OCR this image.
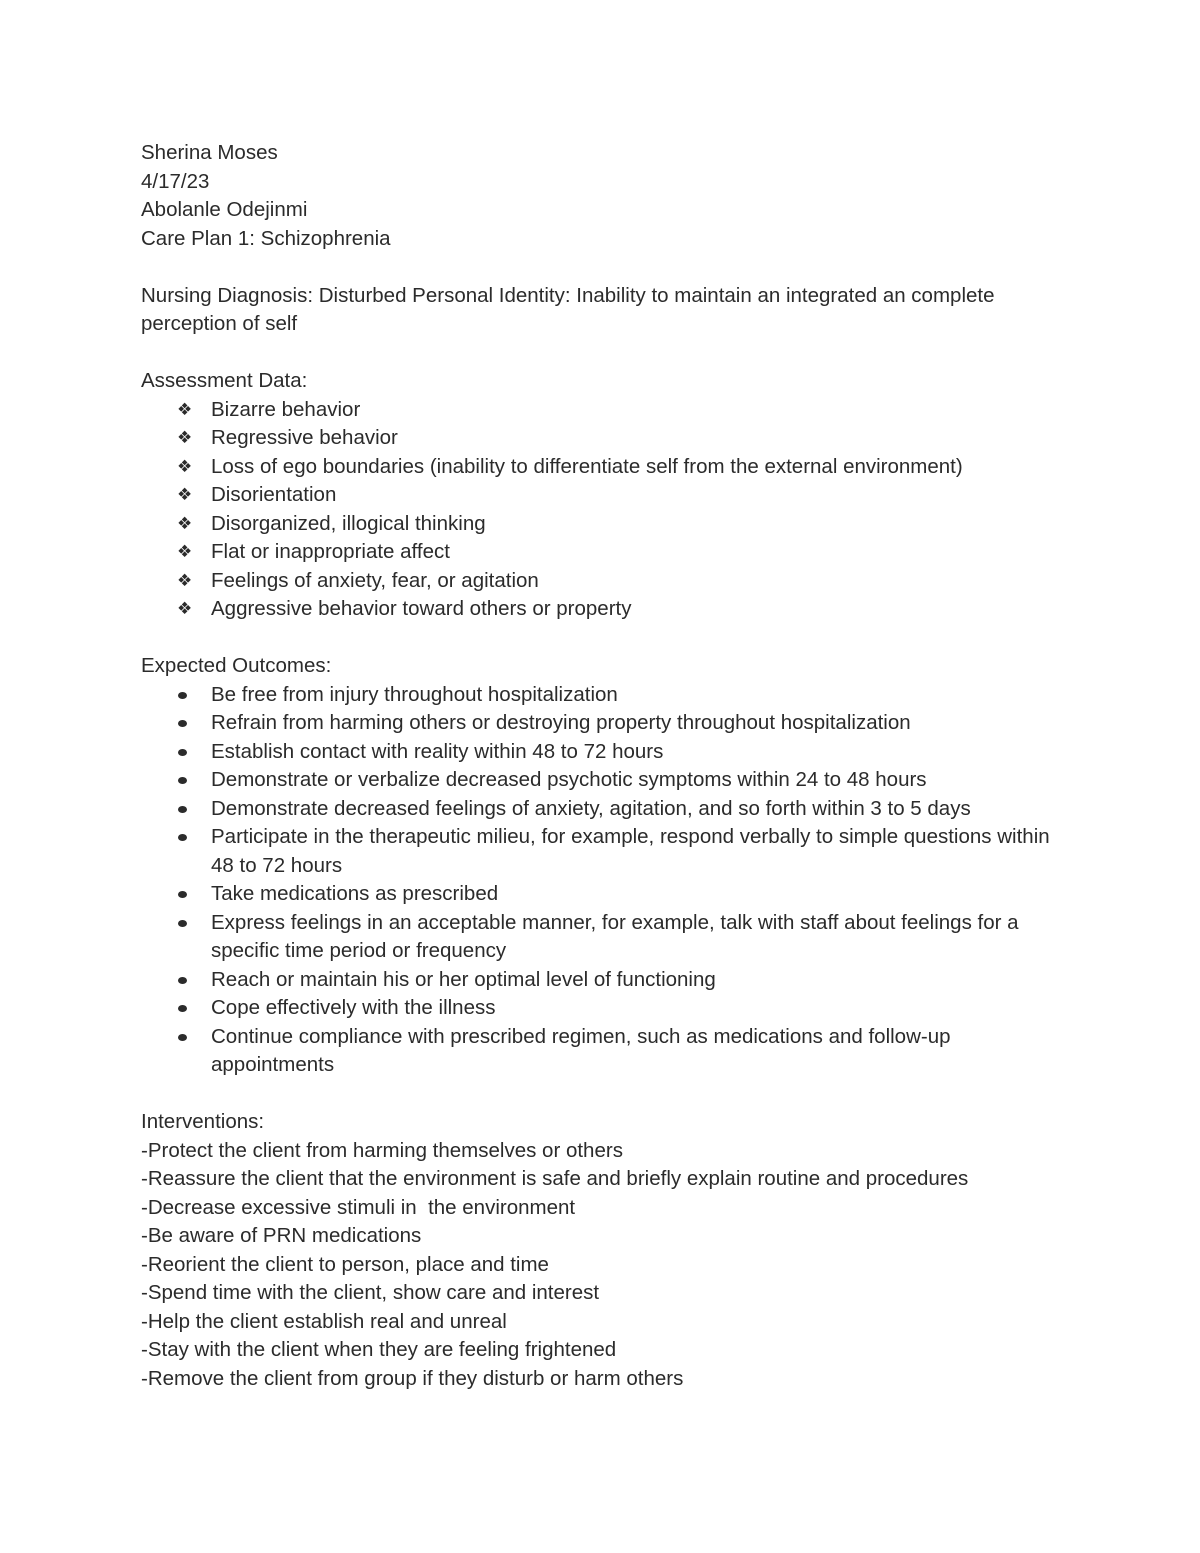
Sherina Moses
4/17/23
Abolanle Odejinmi
Care Plan 1: Schizophrenia
Nursing Diagnosis: Disturbed Personal Identity: Inability to maintain an integrated an complete perception of self
Assessment Data:
❖ Bizarre behavior
❖ Regressive behavior
❖ Loss of ego boundaries (inability to differentiate self from the external environment)
❖ Disorientation
❖ Disorganized, illogical thinking
❖ Flat or inappropriate affect
❖ Feelings of anxiety, fear, or agitation
❖ Aggressive behavior toward others or property
Expected Outcomes:
Be free from injury throughout hospitalization
Refrain from harming others or destroying property throughout hospitalization
Establish contact with reality within 48 to 72 hours
Demonstrate or verbalize decreased psychotic symptoms within 24 to 48 hours
Demonstrate decreased feelings of anxiety, agitation, and so forth within 3 to 5 days
Participate in the therapeutic milieu, for example, respond verbally to simple questions within 48 to 72 hours
Take medications as prescribed
Express feelings in an acceptable manner, for example, talk with staff about feelings for a specific time period or frequency
Reach or maintain his or her optimal level of functioning
Cope effectively with the illness
Continue compliance with prescribed regimen, such as medications and follow-up appointments
Interventions:
-Protect the client from harming themselves or others
-Reassure the client that the environment is safe and briefly explain routine and procedures
-Decrease excessive stimuli in  the environment
-Be aware of PRN medications
-Reorient the client to person, place and time
-Spend time with the client, show care and interest
-Help the client establish real and unreal
-Stay with the client when they are feeling frightened
-Remove the client from group if they disturb or harm others
